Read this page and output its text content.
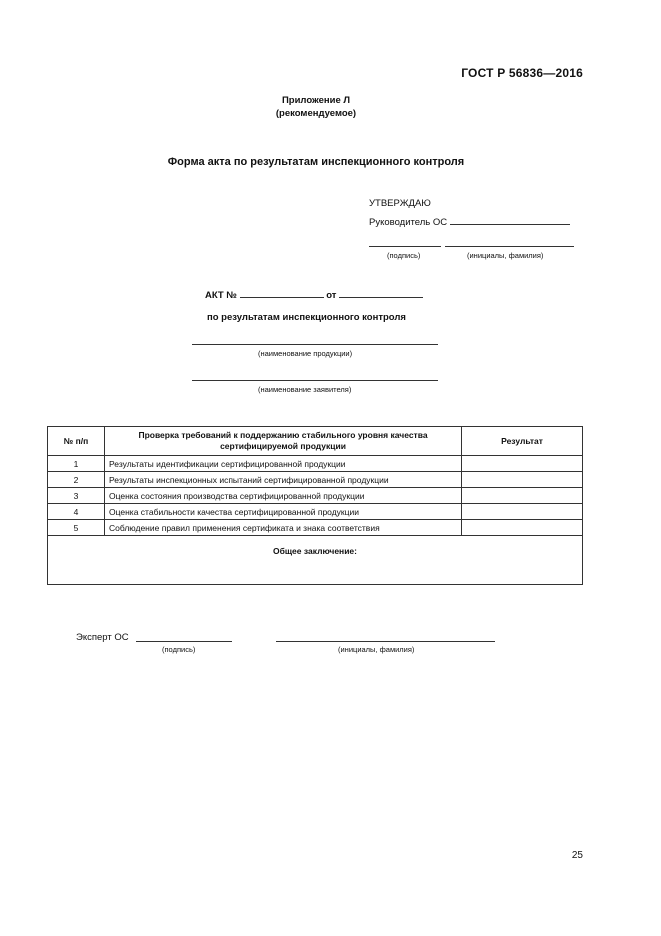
ГОСТ Р 56836—2016
Приложение Л
(рекомендуемое)
Форма акта по результатам инспекционного контроля
УТВЕРЖДАЮ
Руководитель ОС
(подпись)	(инициалы, фамилия)
АКТ №	от
по результатам инспекционного контроля
(наименование продукции)
(наименование заявителя)
№ п/п	Проверка требований к поддержанию стабильного уровня качества сертифицируемой продукции	Результат
1	Результаты идентификации сертифицированной продукции	
2	Результаты инспекционных испытаний сертифицированной продукции	
3	Оценка состояния производства сертифицированной продукции	
4	Оценка стабильности качества сертифицированной продукции	
5	Соблюдение правил применения сертификата и знака соответствия	
Общее заключение:		
Эксперт ОС
(подпись)	(инициалы, фамилия)
25
